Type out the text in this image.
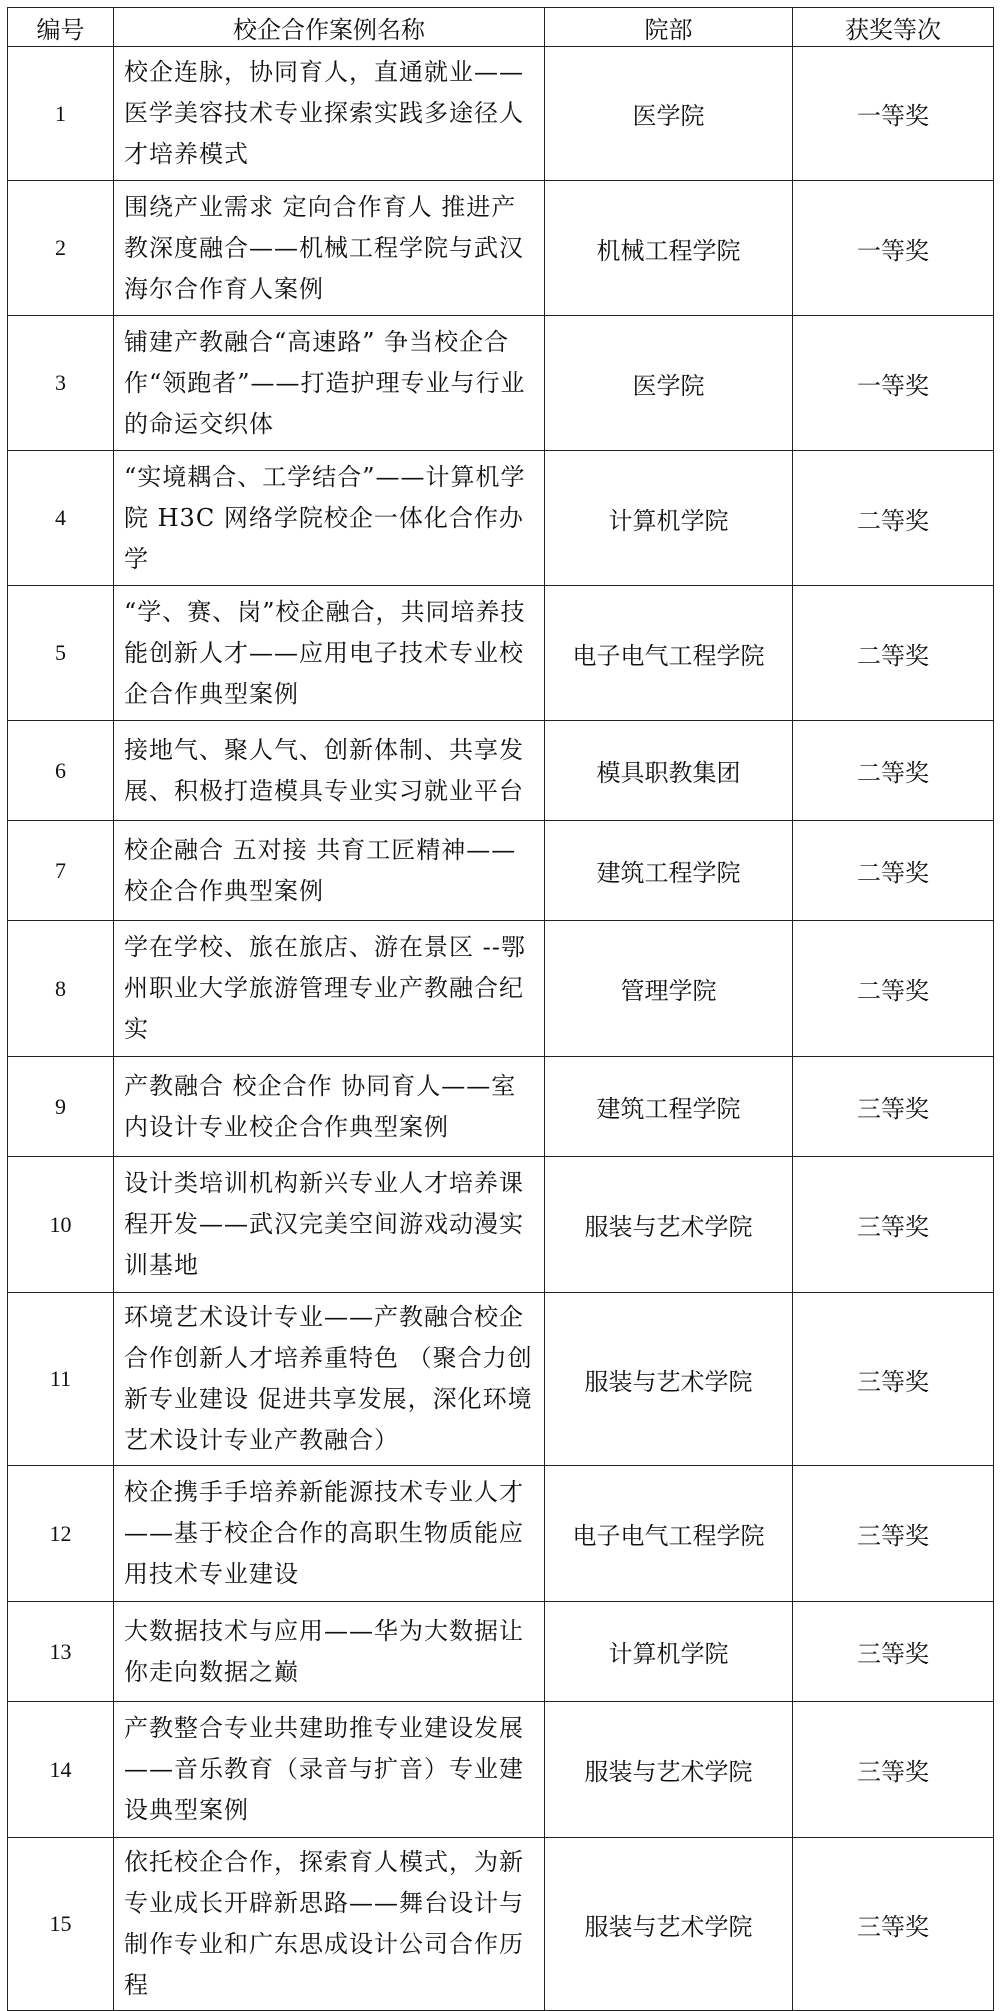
编号	校企合作案例名称	院部	获奖等次
1	校企连脉，协同育人，直通就业——医学美容技术专业探索实践多途径人才培养模式	医学院	一等奖
2	围绕产业需求 定向合作育人 推进产教深度融合——机械工程学院与武汉海尔合作育人案例	机械工程学院	一等奖
3	铺建产教融合“高速路” 争当校企合作“领跑者”——打造护理专业与行业的命运交织体	医学院	一等奖
4	“实境耦合、工学结合”——计算机学院 H3C 网络学院校企一体化合作办学	计算机学院	二等奖
5	“学、赛、岗”校企融合，共同培养技能创新人才——应用电子技术专业校企合作典型案例	电子电气工程学院	二等奖
6	接地气、聚人气、创新体制、共享发展、积极打造模具专业实习就业平台	模具职教集团	二等奖
7	校企融合 五对接 共育工匠精神——校企合作典型案例	建筑工程学院	二等奖
8	学在学校、旅在旅店、游在景区 --鄂州职业大学旅游管理专业产教融合纪实	管理学院	二等奖
9	产教融合 校企合作 协同育人——室内设计专业校企合作典型案例	建筑工程学院	三等奖
10	设计类培训机构新兴专业人才培养课程开发——武汉完美空间游戏动漫实训基地	服装与艺术学院	三等奖
11	环境艺术设计专业——产教融合校企合作创新人才培养重特色 （聚合力创新专业建设 促进共享发展，深化环境艺术设计专业产教融合）	服装与艺术学院	三等奖
12	校企携手手培养新能源技术专业人才——基于校企合作的高职生物质能应用技术专业建设	电子电气工程学院	三等奖
13	大数据技术与应用——华为大数据让你走向数据之巅	计算机学院	三等奖
14	产教整合专业共建助推专业建设发展——音乐教育（录音与扩音）专业建设典型案例	服装与艺术学院	三等奖
15	依托校企合作，探索育人模式，为新专业成长开辟新思路——舞台设计与制作专业和广东思成设计公司合作历程	服装与艺术学院	三等奖
